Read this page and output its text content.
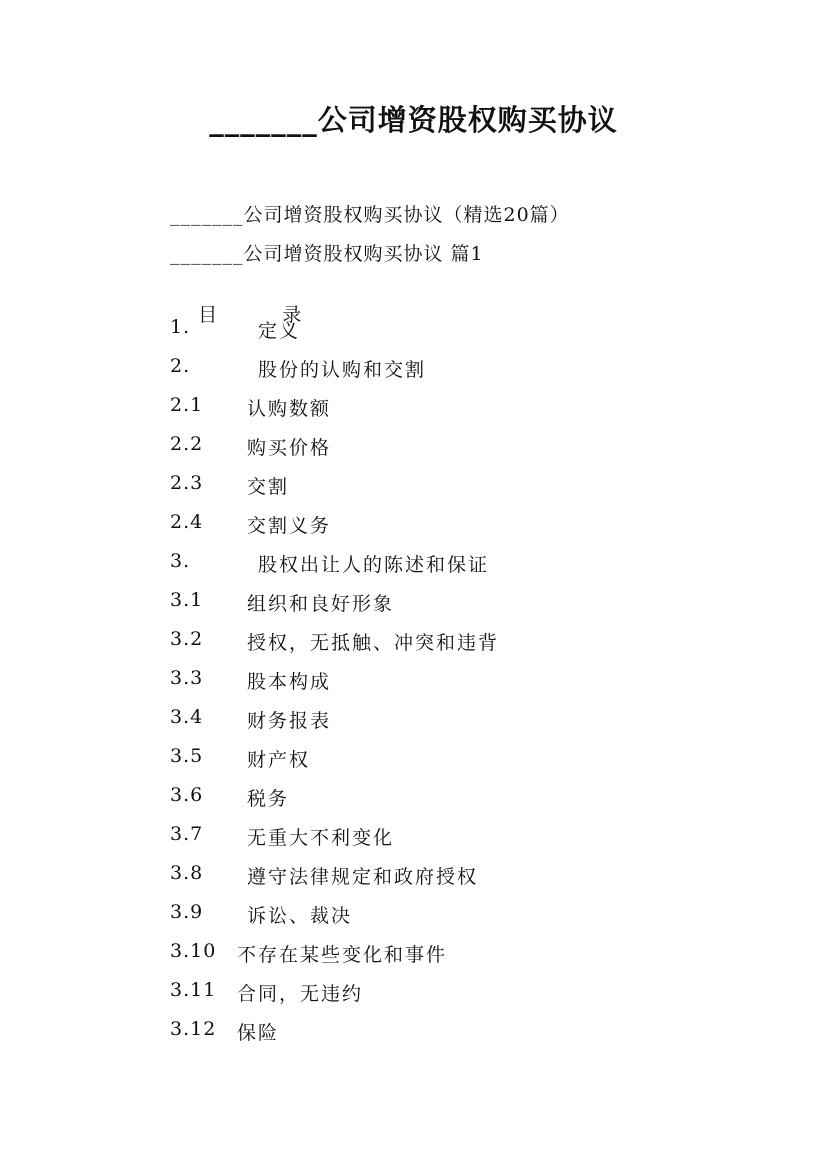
_______公司增资股权购买协议
_______公司增资股权购买协议（精选20篇）
_______公司增资股权购买协议 篇1

目	录

1.	定义
2.	股份的认购和交割
2.1 认购数额
2.2 购买价格
2.3 交割
2.4 交割义务
3.	股权出让人的陈述和保证
3.1 组织和良好形象
3.2 授权，无抵触、冲突和违背
3.3 股本构成
3.4 财务报表
3.5 财产权
3.6 税务
3.7 无重大不利变化
3.8 遵守法律规定和政府授权
3.9 诉讼、裁决
3.10 不存在某些变化和事件
3.11 合同，无违约
3.12 保险
